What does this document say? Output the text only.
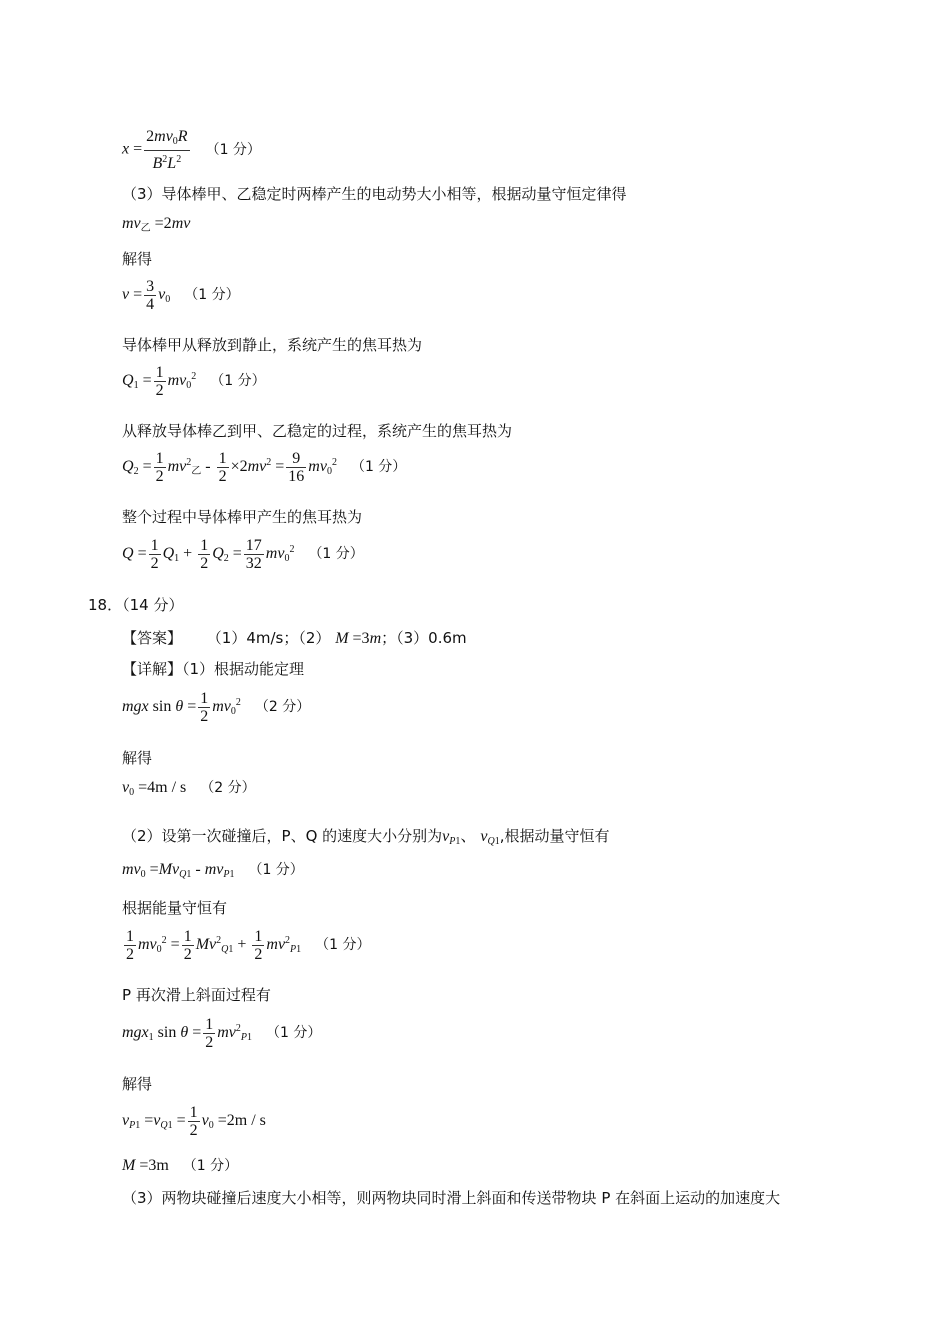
$x = \frac{2mv_0R}{B^2L^2} (1$ 分）
（3）导体棒甲、乙稳定时两棒产生的电动势大小相等，根据动量守恒定律得
$mv_乙 =2mv$
解得
$v = \frac{3}{4} v_0$ （1 分）
导体棒甲从释放到静止，系统产生的焦耳热为
$Q_1 = \frac{1}{2} mv_0^2$ （1 分）
从释放导体棒乙到甲、乙稳定的过程，系统产生的焦耳热为
$Q_2 = \frac{1}{2} mv^2_乙 - \frac{1}{2} \times 2mv^2 = \frac{9}{16} mv_0^2$ （1 分）
整个过程中导体棒甲产生的焦耳热为
$Q = \frac{1}{2} Q_1 + \frac{1}{2} Q_2 = \frac{17}{32} mv_0^2$ （1 分）
18．（14 分）
【答案】 （1）4m/s；（2） M =3m；（3）0.6m
【详解】（1）根据动能定理
mgx $\sin \theta = \frac{1}{2} mv_0^2$ （2 分）
解得
$v_0 =4m / s$ （2 分）
（2）设第一次碰撞后，P、Q 的速度大小分别为$v_{P1}$、 $v_{Q1}$,根据动量守恒有
$mv_0 =Mv_{Q1} - mv_{P1}$ （1 分）
根据能量守恒有
$\frac{1}{2} mv_0^2 = \frac{1}{2} Mv^2_{Q1} + \frac{1}{2} mv^2_{P1}$ （1 分）
P 再次滑上斜面过程有
mgx$_1$ $\sin \theta = \frac{1}{2} mv^2_{P1}$ （1 分）
解得
$v_{P1} =v_{Q1} = \frac{1}{2} v_0 =2m / s$
M =3m （1 分）
（3）两物块碰撞后速度大小相等，则两物块同时滑上斜面和传送带物块 P 在斜面上运动的加速度大
